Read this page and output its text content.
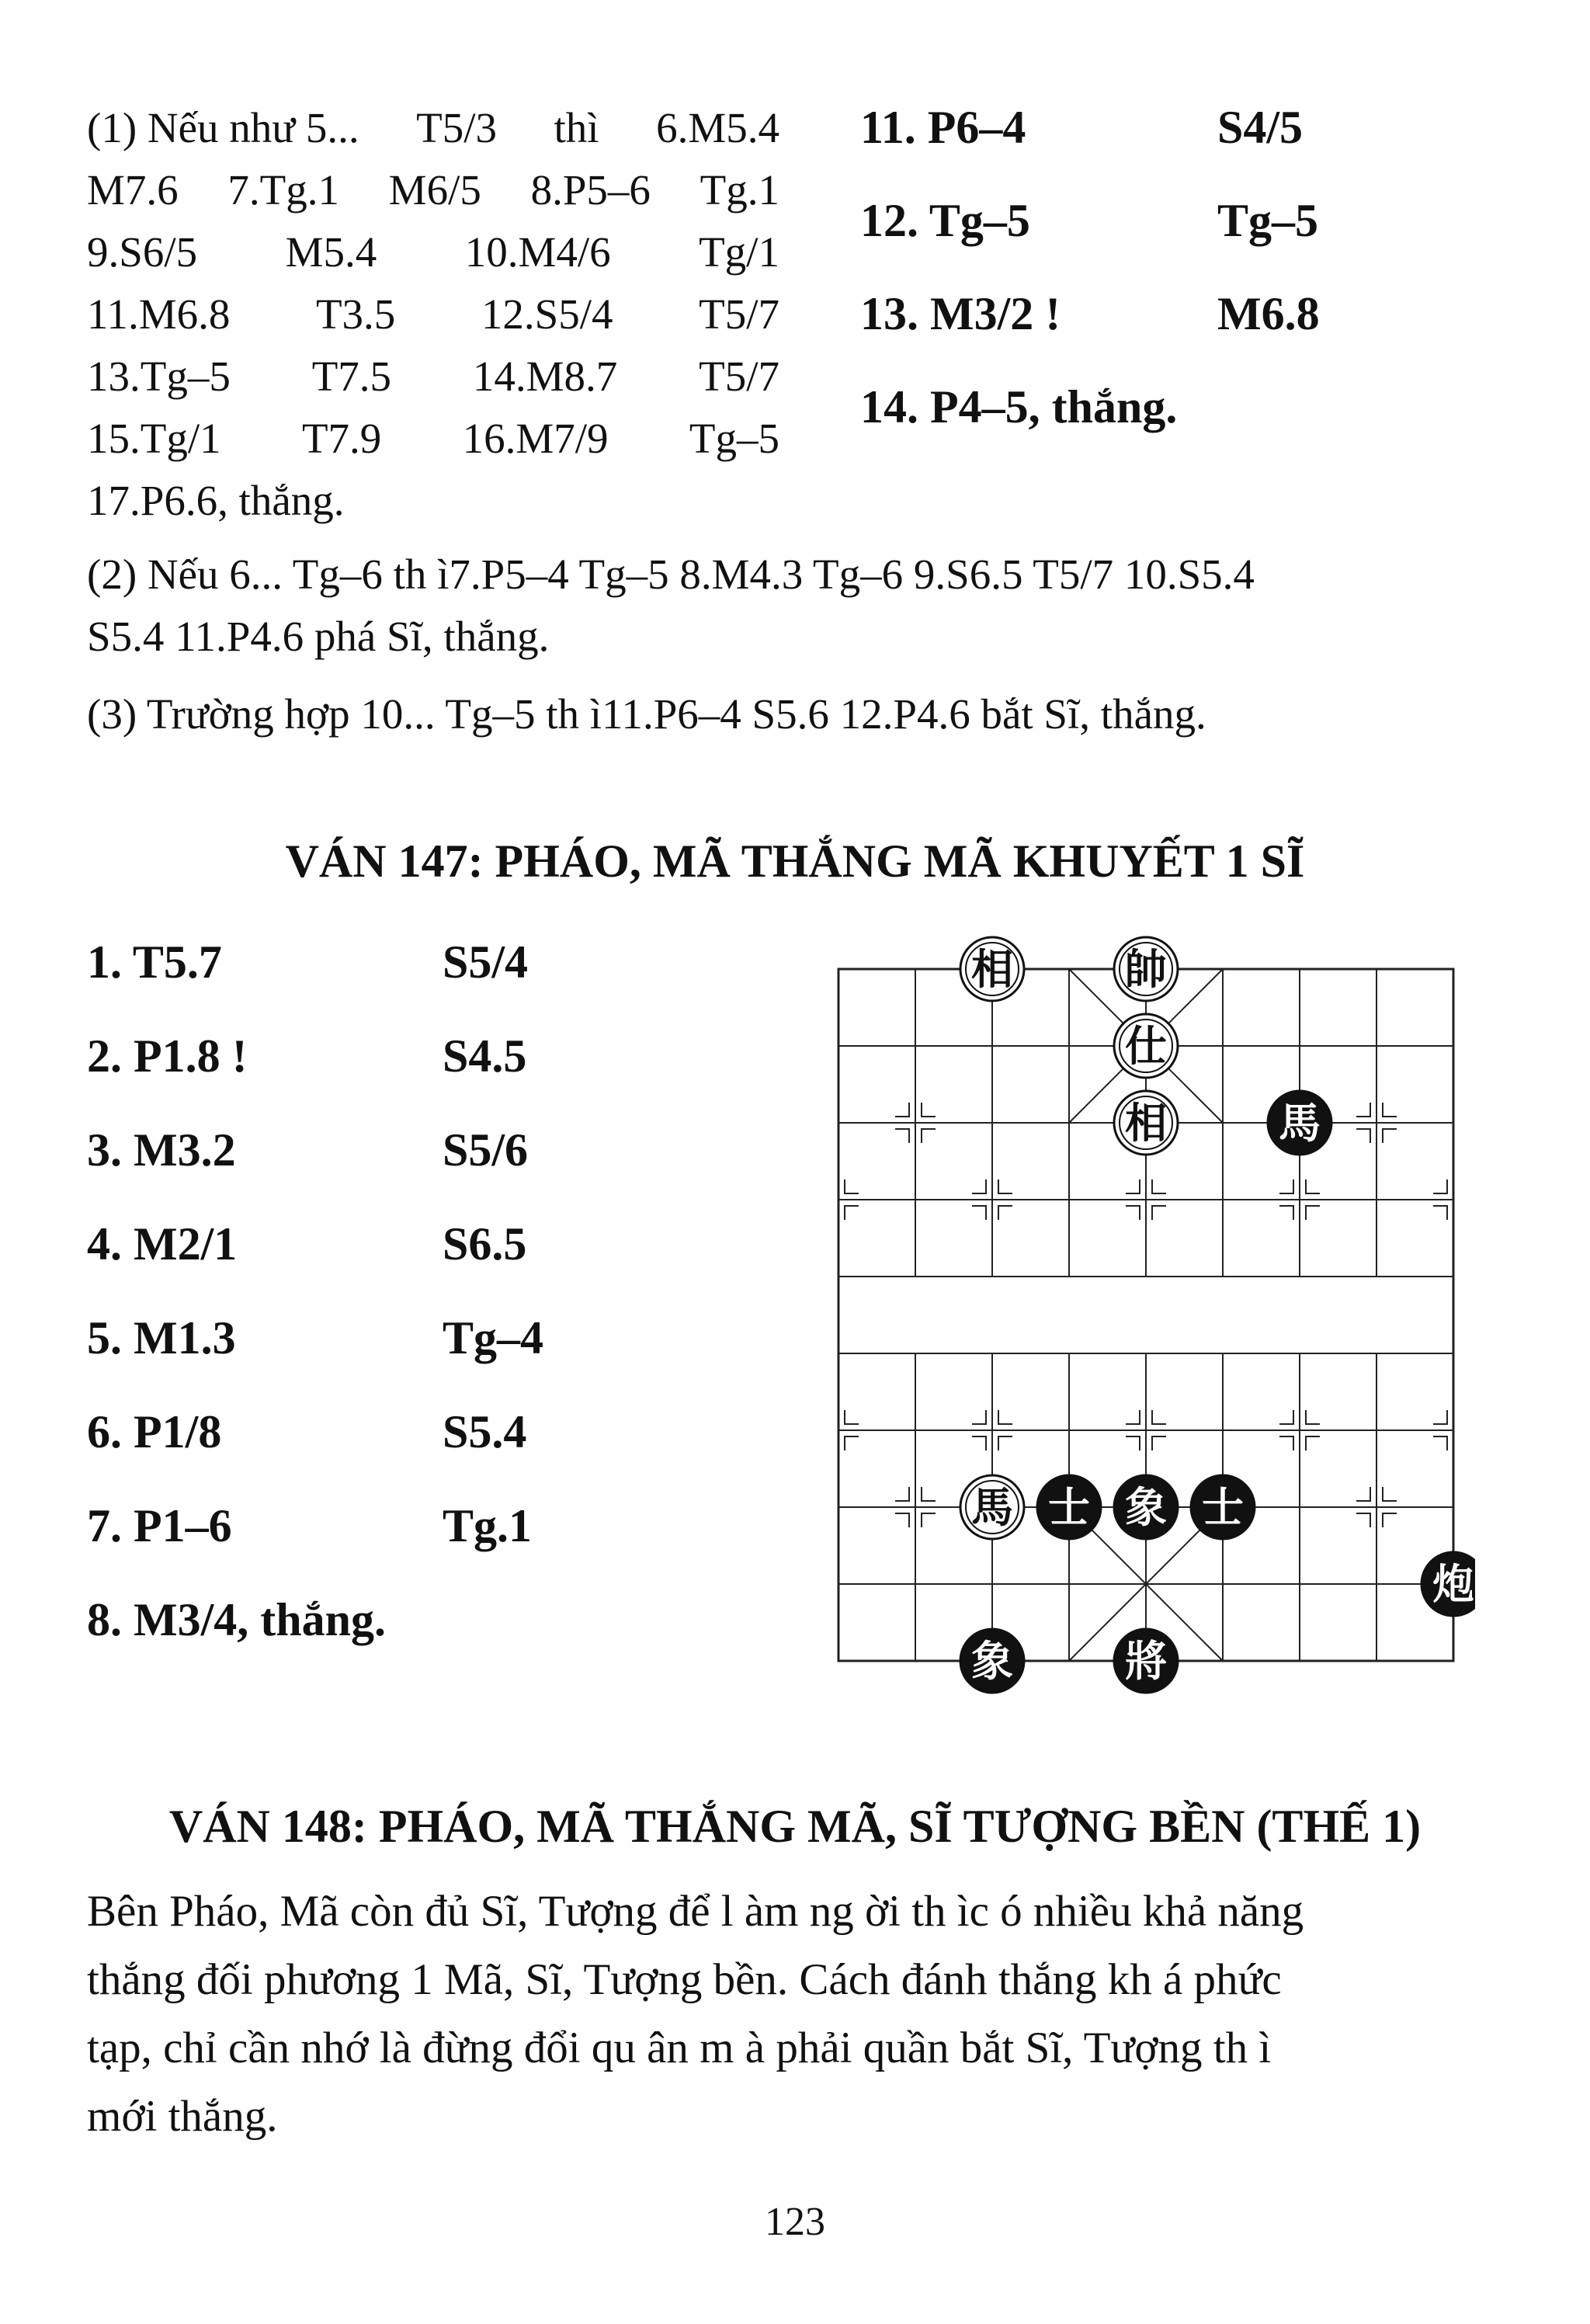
(1) Nếu như 5... T5/3 thì 6.M5.4
M7.6 7.Tg.1 M6/5 8.P5–6 Tg.1
9.S6/5 M5.4 10.M4/6 Tg/1
11.M6.8 T3.5 12.S5/4 T5/7
13.Tg–5 T7.5 14.M8.7 T5/7
15.Tg/1 T7.9 16.M7/9 Tg–5
17.P6.6, thắng.
11. P6–4	S4/5
12. Tg–5	Tg–5
13. M3/2 !	M6.8
14. P4–5, thắng.
(2) Nếu 6... Tg–6 th ì7.P5–4 Tg–5 8.M4.3 Tg–6 9.S6.5 T5/7 10.S5.4
S5.4 11.P4.6 phá Sĩ, thắng.
(3) Trường hợp 10... Tg–5 th ì11.P6–4 S5.6 12.P4.6 bắt Sĩ, thắng.
VÁN 147: PHÁO, MÃ THẮNG MÃ KHUYẾT 1 SĨ
1. T5.7	S5/4
2. P1.8 !	S4.5
3. M3.2	S5/6
4. M2/1	S6.5
5. M1.3	Tg–4
6. P1/8	S5.4
7. P1–6	Tg.1
8. M3/4, thắng.
相	帥
仕
相	馬
馬 士 象 士
炮
象	將
VÁN 148: PHÁO, MÃ THẮNG MÃ, SĨ TƯỢNG BỀN (THẾ 1)
Bên Pháo, Mã còn đủ Sĩ, Tượng để l àm ng ời th ìc ó nhiều khả năng
thắng đối phương 1 Mã, Sĩ, Tượng bền. Cách đánh thắng kh á phức
tạp, chỉ cần nhớ là đừng đổi qu ân m à phải quần bắt Sĩ, Tượng th ì
mới thắng.
123
